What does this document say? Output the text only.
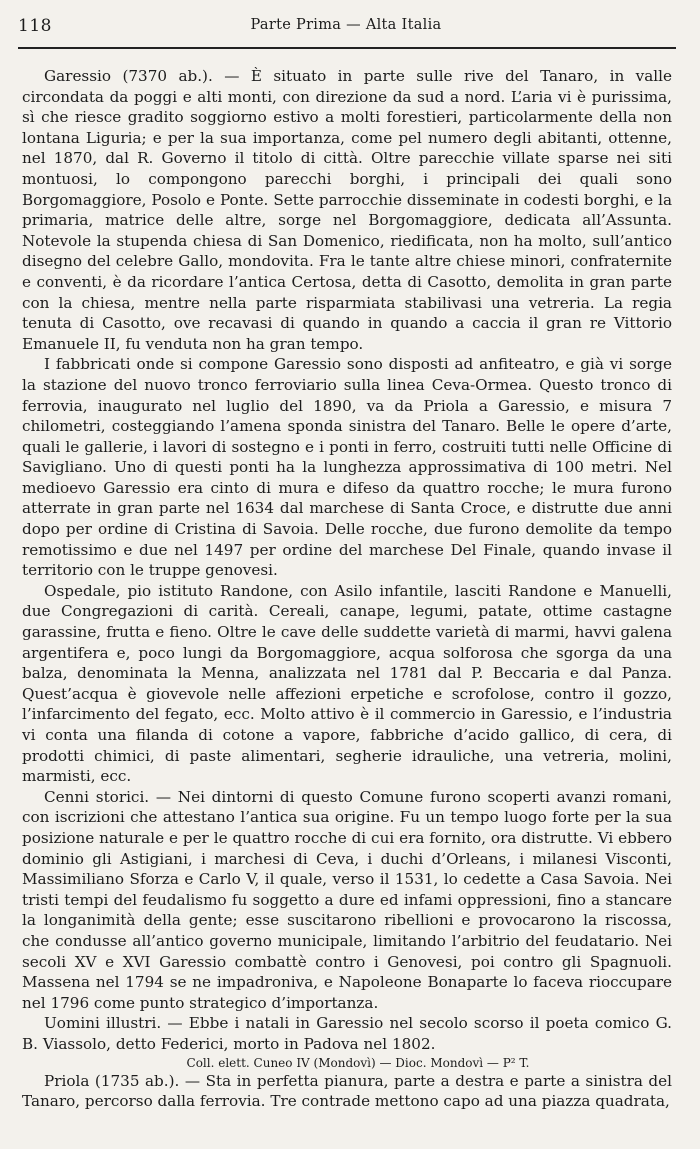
118	Parte Prima — Alta Italia

Garessio (7370 ab.). — È situato in parte sulle rive del Tanaro, in valle circondata da poggi e alti monti, con direzione da sud a nord. L’aria vi è purissima, sì che riesce gradito soggiorno estivo a molti forestieri, particolarmente della non lontana Liguria; e per la sua importanza, come pel numero degli abitanti, ottenne, nel 1870, dal R. Governo il titolo di città. Oltre parecchie villate sparse nei siti montuosi, lo compongono parecchi borghi, i principali dei quali sono Borgomaggiore, Posolo e Ponte. Sette parrocchie disseminate in codesti borghi, e la primaria, matrice delle altre, sorge nel Borgomaggiore, dedicata all’Assunta. Notevole la stupenda chiesa di San Domenico, riedificata, non ha molto, sull’antico disegno del celebre Gallo, mondovita. Fra le tante altre chiese minori, confraternite e conventi, è da ricordare l’antica Certosa, detta di Casotto, demolita in gran parte con la chiesa, mentre nella parte risparmiata stabilivasi una vetreria. La regia tenuta di Casotto, ove recavasi di quando in quando a caccia il gran re Vittorio Emanuele II, fu venduta non ha gran tempo.

I fabbricati onde si compone Garessio sono disposti ad anfiteatro, e già vi sorge la stazione del nuovo tronco ferroviario sulla linea Ceva-Ormea. Questo tronco di ferrovia, inaugurato nel luglio del 1890, va da Priola a Garessio, e misura 7 chilometri, costeggiando l’amena sponda sinistra del Tanaro. Belle le opere d’arte, quali le gallerie, i lavori di sostegno e i ponti in ferro, costruiti tutti nelle Officine di Savigliano. Uno di questi ponti ha la lunghezza approssimativa di 100 metri. Nel medioevo Garessio era cinto di mura e difeso da quattro rocche; le mura furono atterrate in gran parte nel 1634 dal marchese di Santa Croce, e distrutte due anni dopo per ordine di Cristina di Savoia. Delle rocche, due furono demolite da tempo remotissimo e due nel 1497 per ordine del marchese Del Finale, quando invase il territorio con le truppe genovesi.

Ospedale, pio istituto Randone, con Asilo infantile, lasciti Randone e Manuelli, due Congregazioni di carità. Cereali, canape, legumi, patate, ottime castagne garassine, frutta e fieno. Oltre le cave delle suddette varietà di marmi, havvi galena argentifera e, poco lungi da Borgomaggiore, acqua solforosa che sgorga da una balza, denominata la Menna, analizzata nel 1781 dal P. Beccaria e dal Panza. Quest’acqua è giovevole nelle affezioni erpetiche e scrofolose, contro il gozzo, l’infarcimento del fegato, ecc. Molto attivo è il commercio in Garessio, e l’industria vi conta una filanda di cotone a vapore, fabbriche d’acido gallico, di cera, di prodotti chimici, di paste alimentari, segherie idrauliche, una vetreria, molini, marmisti, ecc.

Cenni storici. — Nei dintorni di questo Comune furono scoperti avanzi romani, con iscrizioni che attestano l’antica sua origine. Fu un tempo luogo forte per la sua posizione naturale e per le quattro rocche di cui era fornito, ora distrutte. Vi ebbero dominio gli Astigiani, i marchesi di Ceva, i duchi d’Orleans, i milanesi Visconti, Massimiliano Sforza e Carlo V, il quale, verso il 1531, lo cedette a Casa Savoia. Nei tristi tempi del feudalismo fu soggetto a dure ed infami oppressioni, fino a stancare la longanimità della gente; esse suscitarono ribellioni e provocarono la riscossa, che condusse all’antico governo municipale, limitando l’arbitrio del feudatario. Nei secoli XV e XVI Garessio combattè contro i Genovesi, poi contro gli Spagnuoli. Massena nel 1794 se ne impadroniva, e Napoleone Bonaparte lo faceva rioccupare nel 1796 come punto strategico d’importanza.

Uomini illustri. — Ebbe i natali in Garessio nel secolo scorso il poeta comico G. B. Viassolo, detto Federici, morto in Padova nel 1802.

Coll. elett. Cuneo IV (Mondovì) — Dioc. Mondovì — P² T.

Priola (1735 ab.). — Sta in perfetta pianura, parte a destra e parte a sinistra del Tanaro, percorso dalla ferrovia. Tre contrade mettono capo ad una piazza quadrata,
